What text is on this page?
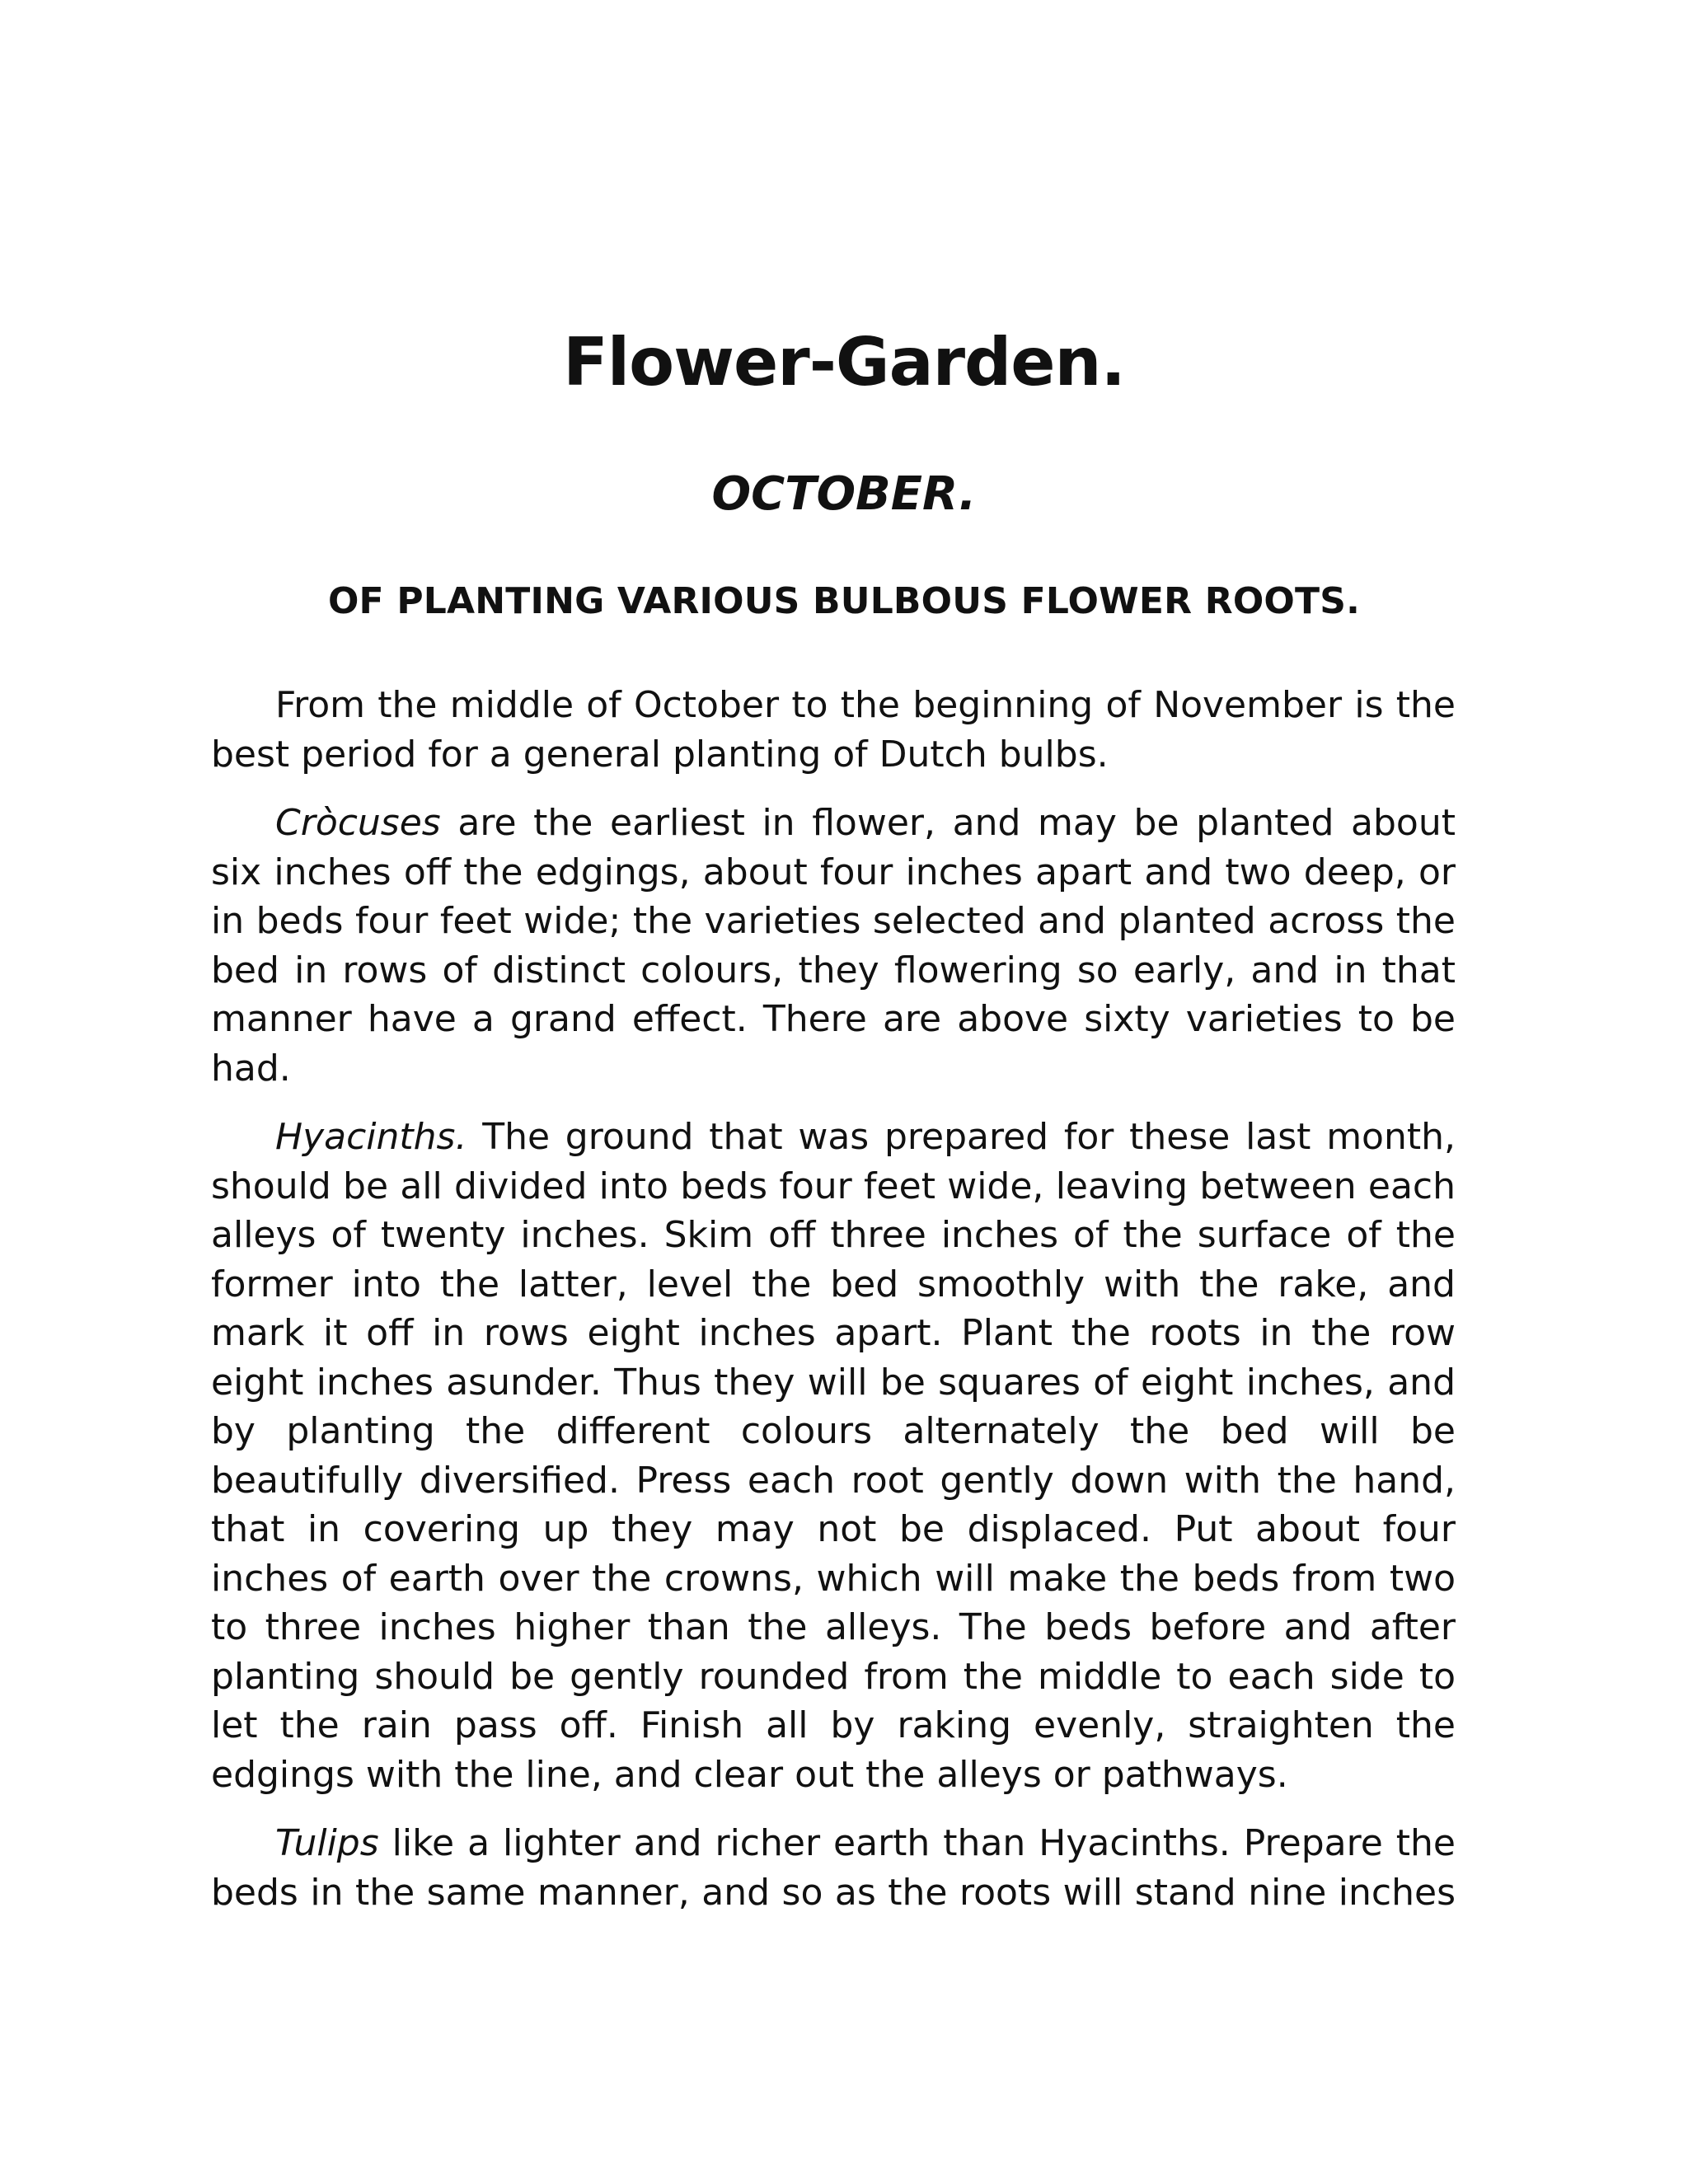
Flower-Garden.
OCTOBER.
OF PLANTING VARIOUS BULBOUS FLOWER ROOTS.

From the middle of October to the beginning of November is the best period for a general planting of Dutch bulbs.

Cròcuses are the earliest in flower, and may be planted about six inches off the edgings, about four inches apart and two deep, or in beds four feet wide; the varieties selected and planted across the bed in rows of distinct colours, they flowering so early, and in that manner have a grand effect. There are above sixty varieties to be had.

Hyacinths. The ground that was prepared for these last month, should be all divided into beds four feet wide, leaving between each alleys of twenty inches. Skim off three inches of the surface of the former into the latter, level the bed smoothly with the rake, and mark it off in rows eight inches apart. Plant the roots in the row eight inches asunder. Thus they will be squares of eight inches, and by planting the different colours alternately the bed will be beautifully diversified. Press each root gently down with the hand, that in covering up they may not be displaced. Put about four inches of earth over the crowns, which will make the beds from two to three inches higher than the alleys. The beds before and after planting should be gently rounded from the middle to each side to let the rain pass off. Finish all by raking evenly, straighten the edgings with the line, and clear out the alleys or pathways.

Tulips like a lighter and richer earth than Hyacinths. Prepare the beds in the same manner, and so as the roots will stand nine inches
